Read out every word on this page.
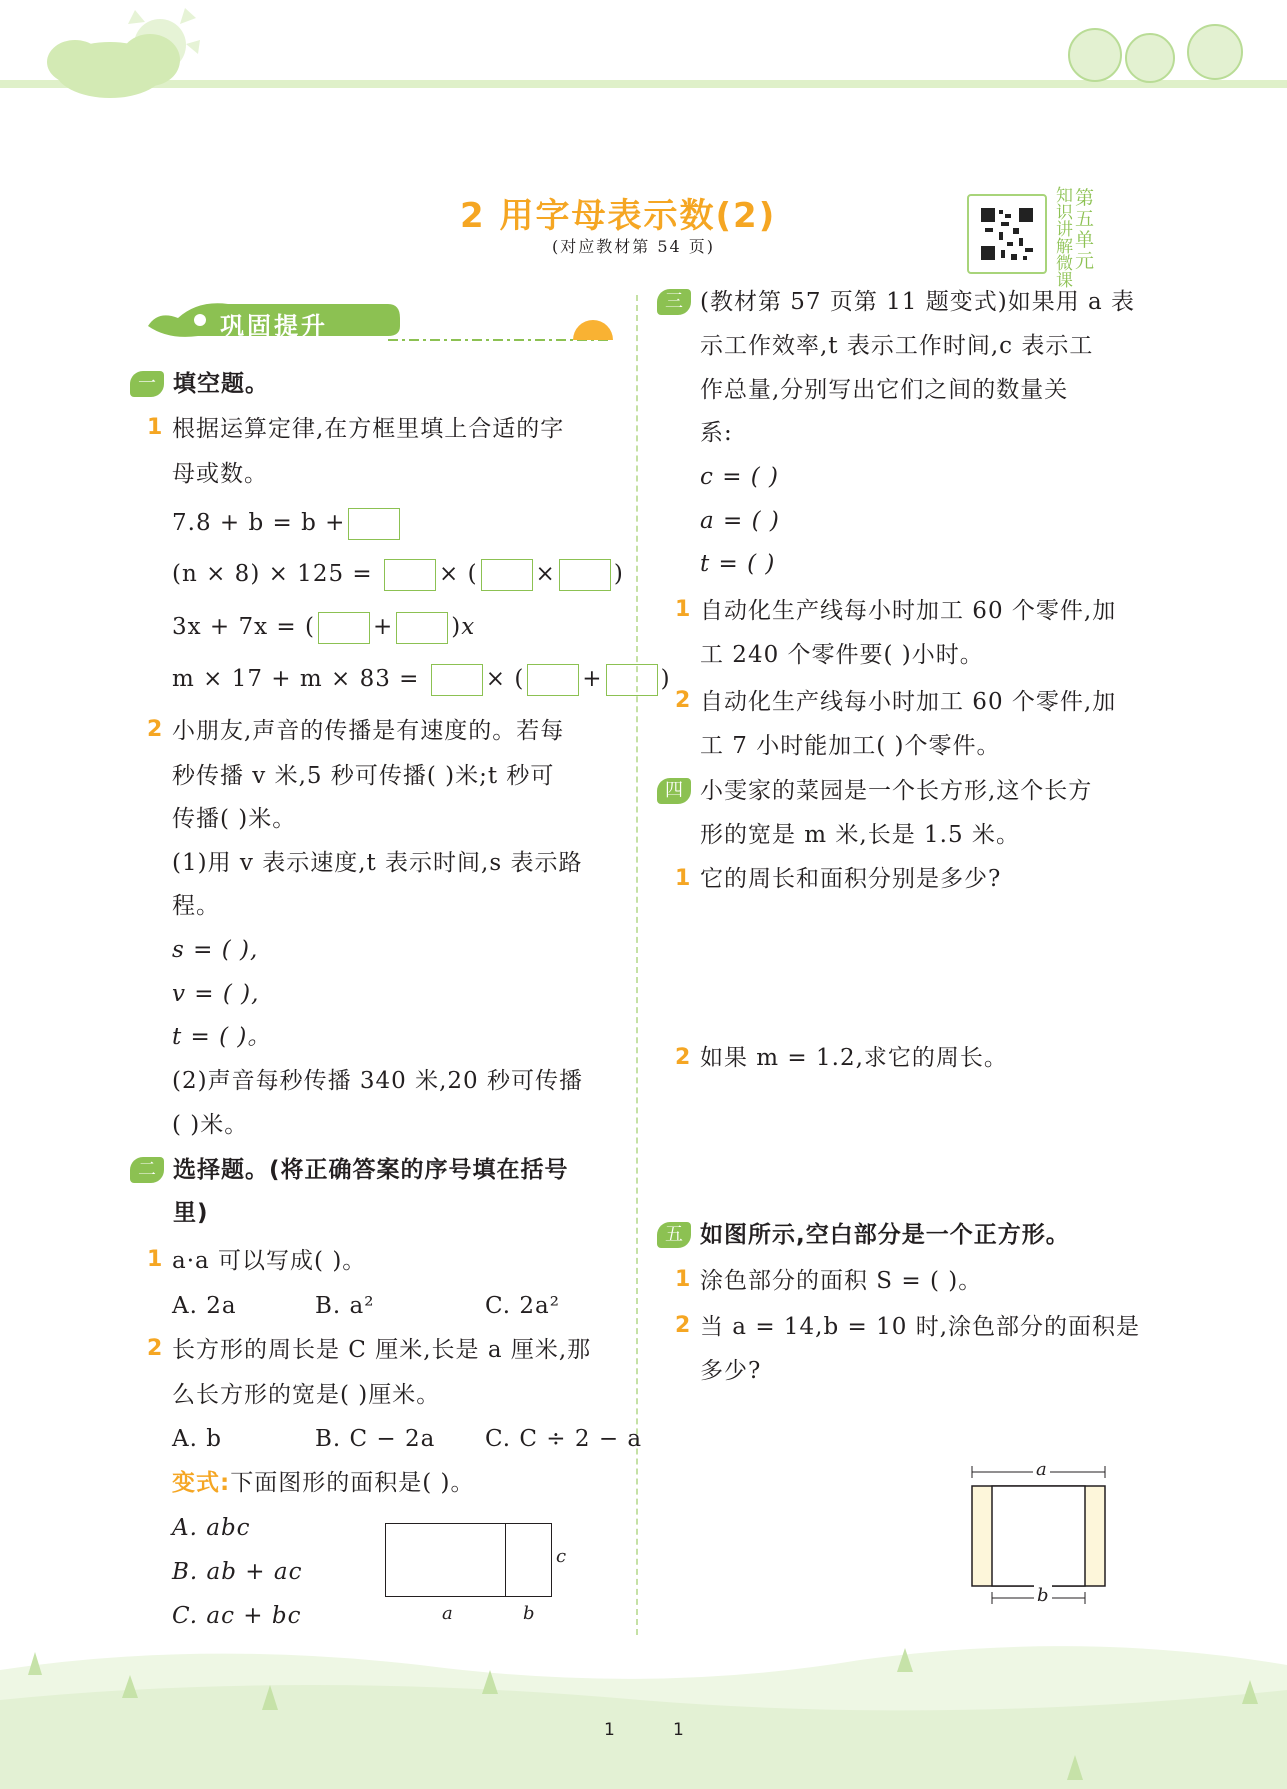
2 用字母表示数(2)
(对应教材第 54 页)
知识讲解微课
第五单元
巩固提升
一 填空题。
1 根据运算定律,在方框里填上合适的字
母或数。
7.8 + b = b +
(n × 8) × 125 =	× (	×	)
3x + 7x = (	+	)x
m × 17 + m × 83 =	× (	+	)
2 小朋友,声音的传播是有速度的。若每
秒传播 v 米,5 秒可传播( )米;t 秒可
传播( )米。
(1)用 v 表示速度,t 表示时间,s 表示路
程。
s = ( ),
v = ( ),
t = ( )。
(2)声音每秒传播 340 米,20 秒可传播
( )米。
二 选择题。(将正确答案的序号填在括号
里)
1 a·a 可以写成( )。
A. 2a	B. a²	C. 2a²
2 长方形的周长是 C 厘米,长是 a 厘米,那
么长方形的宽是( )厘米。
A. b	B. C − 2a C. C ÷ 2 − a
变式:下面图形的面积是( )。
A. abc
B. ab + ac
C. ac + bc	a	b
c
三 (教材第 57 页第 11 题变式)如果用 a 表
示工作效率,t 表示工作时间,c 表示工
作总量,分别写出它们之间的数量关
系:
c = ( )
a = ( )
t = ( )
1 自动化生产线每小时加工 60 个零件,加
工 240 个零件要( )小时。
2 自动化生产线每小时加工 60 个零件,加
工 7 小时能加工( )个零件。
四 小雯家的菜园是一个长方形,这个长方
形的宽是 m 米,长是 1.5 米。
1 它的周长和面积分别是多少?
2 如果 m = 1.2,求它的周长。
五 如图所示,空白部分是一个正方形。
1 涂色部分的面积 S = ( )。
2 当 a = 14,b = 10 时,涂色部分的面积是
多少?
a
b
1	1
